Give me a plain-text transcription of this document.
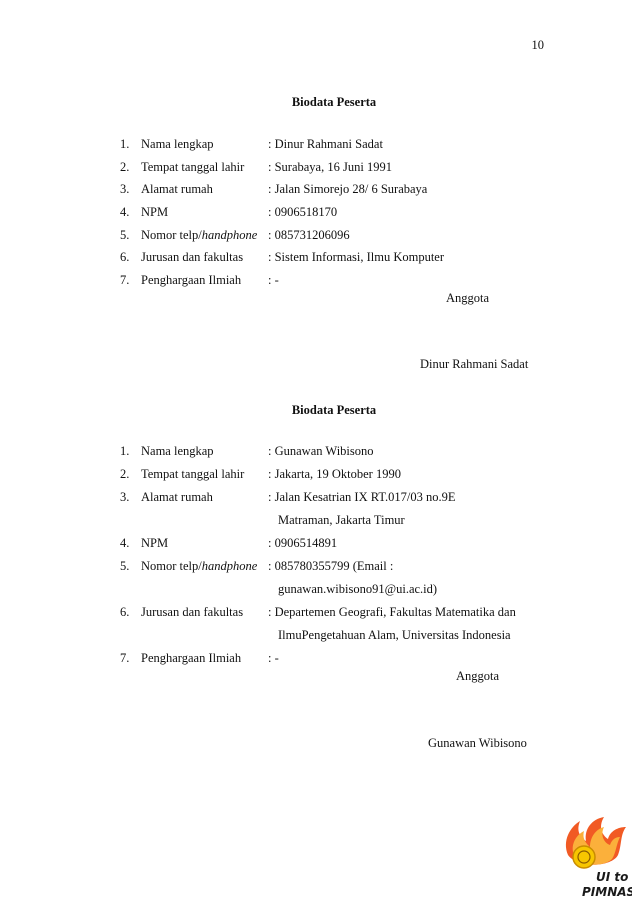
10
Biodata Peserta
1. Nama lengkap	: Dinur Rahmani Sadat
2. Tempat tanggal lahir : Surabaya, 16 Juni 1991
3. Alamat rumah	: Jalan Simorejo 28/ 6 Surabaya
4. NPM	: 0906518170
5. Nomor telp/handphone : 085731206096
6. Jurusan dan fakultas : Sistem Informasi, Ilmu Komputer
7. Penghargaan Ilmiah : -
Anggota
Dinur Rahmani Sadat
Biodata Peserta
1. Nama lengkap	: Gunawan Wibisono
2. Tempat tanggal lahir : Jakarta, 19 Oktober 1990
3. Alamat rumah	: Jalan Kesatrian IX RT.017/03 no.9E
Matraman, Jakarta Timur
4. NPM	: 0906514891
5. Nomor telp/handphone : 085780355799 (Email :
gunawan.wibisono91@ui.ac.id)
6. Jurusan dan fakultas : Departemen Geografi, Fakultas Matematika dan
IlmuPengetahuan Alam, Universitas Indonesia
7. Penghargaan Ilmiah : -
Anggota
Gunawan Wibisono
UI to
PIMNAS
